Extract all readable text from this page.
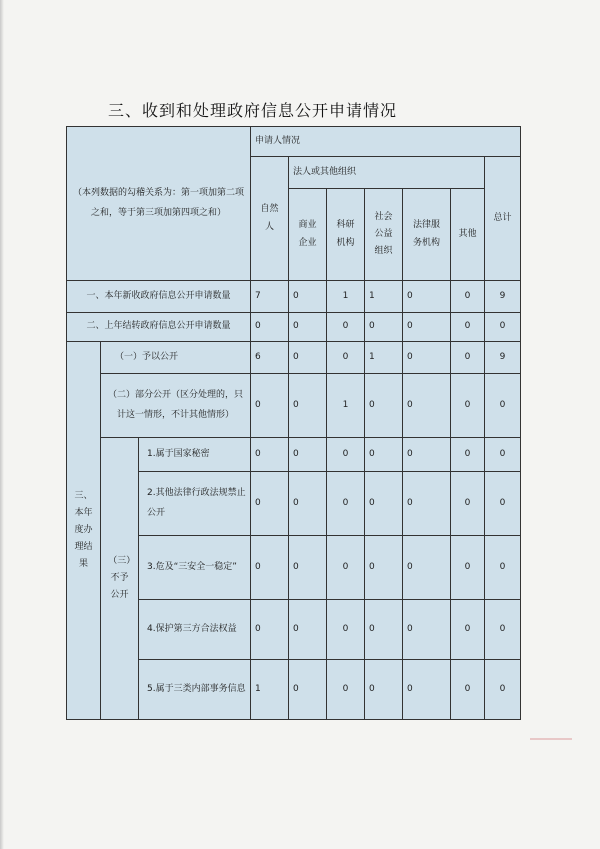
三、收到和处理政府信息公开申请情况
（本列数据的勾稽关系为：第一项加第二项之和，等于第三项加第四项之和）			申请人情况						
			自然人	法人或其他组织					总计
				商业企业	科研机构	社会公益组织	法律服务机构	其他	
一、本年新收政府信息公开申请数量			7	0	1	1	0	0	9
二、上年结转政府信息公开申请数量			0	0	0	0	0	0	0
三、本年度办理结果	（一）予以公开		6	0	0	1	0	0	9
	（二）部分公开（区分处理的，只计这一情形，不计其他情形）		0	0	1	0	0	0	0
	（三）不予公开	1.属于国家秘密	0	0	0	0	0	0	0
		2.其他法律行政法规禁止公开	0	0	0	0	0	0	0
		3.危及“三安全一稳定”	0	0	0	0	0	0	0
		4.保护第三方合法权益	0	0	0	0	0	0	0
		5.属于三类内部事务信息	1	0	0	0	0	0	0
